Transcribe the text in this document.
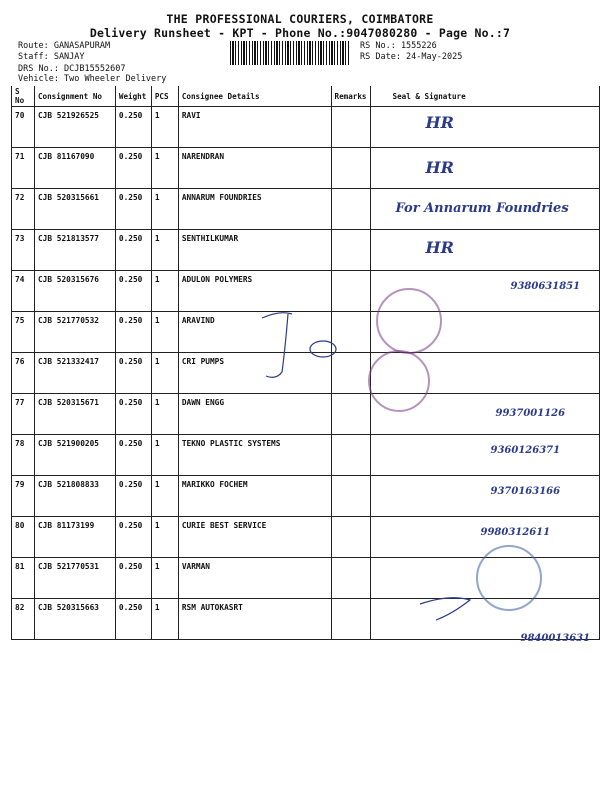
THE PROFESSIONAL COURIERS, COIMBATORE
Delivery Runsheet - KPT - Phone No.:9047080280 - Page No.:7
Route: GANASAPURAM
Staff: SANJAY
DRS No.: DCJB15552607
Vehicle: Two Wheeler Delivery
RS No.: 1555226
RS Date: 24-May-2025
S No	Consignment No	Weight	PCS	Consignee Details	Remarks	Seal & Signature
70	CJB 521926525	0.250	1	RAVI		HR

71	CJB 81167090	0.250	1	NARENDRAN		HR

72	CJB 520315661	0.250	1	ANNARUM FOUNDRIES		For Annarum Foundries

73	CJB 521813577	0.250	1	SENTHILKUMAR		HR

74	CJB 520315676	0.250	1	ADULON POLYMERS		9380631851

75	CJB 521770532	0.250	1	ARAVIND		
76	CJB 521332417	0.250	1	CRI PUMPS		
77	CJB 520315671	0.250	1	DAWN ENGG		9937001126

78	CJB 521900205	0.250	1	TEKNO PLASTIC SYSTEMS		9360126371

79	CJB 521808833	0.250	1	MARIKKO FOCHEM		9370163166

80	CJB 81173199	0.250	1	CURIE BEST SERVICE		9980312611

81	CJB 521770531	0.250	1	VARMAN		
82	CJB 520315663	0.250	1	RSM AUTOKASRT		9840013631
